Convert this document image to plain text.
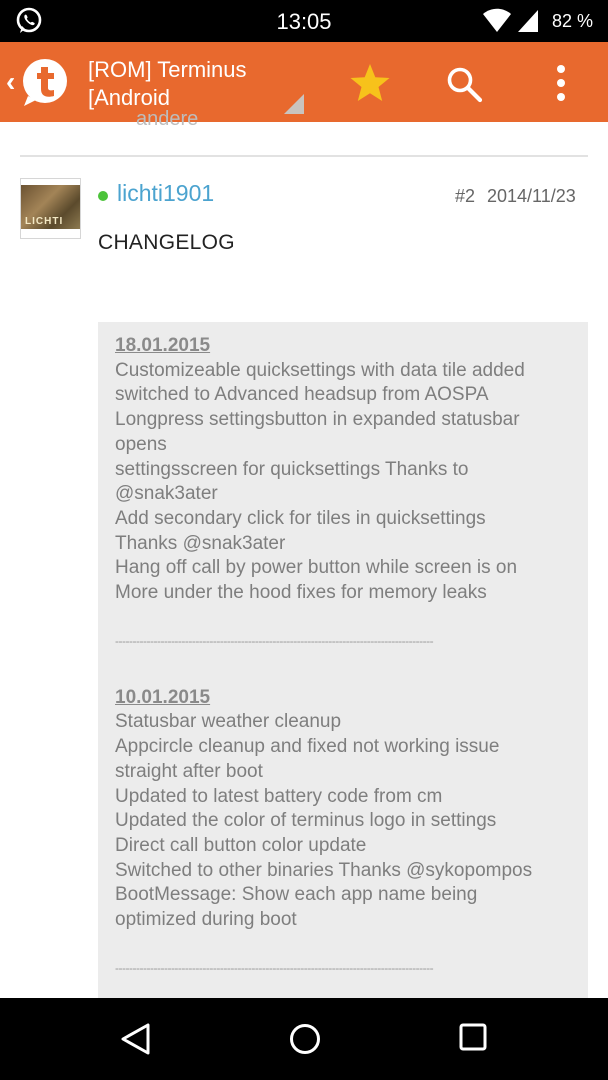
13:05	82 %
‹	[ROM] Terminus
[Android
andere
LICHTI
lichti1901	#2 2014/11/23
CHANGELOG
18.01.2015
Customizeable quicksettings with data tile added
switched to Advanced headsup from AOSPA
Longpress settingsbutton in expanded statusbar
opens
settingsscreen for quicksettings Thanks to
@snak3ater
Add secondary click for tiles in quicksettings
Thanks @snak3ater
Hang off call by power button while screen is on
More under the hood fixes for memory leaks
-------------------------------------------------------------------------------------------
10.01.2015
Statusbar weather cleanup
Appcircle cleanup and fixed not working issue
straight after boot
Updated to latest battery code from cm
Updated the color of terminus logo in settings
Direct call button color update
Switched to other binaries Thanks @sykopompos
BootMessage: Show each app name being
optimized during boot
-------------------------------------------------------------------------------------------
